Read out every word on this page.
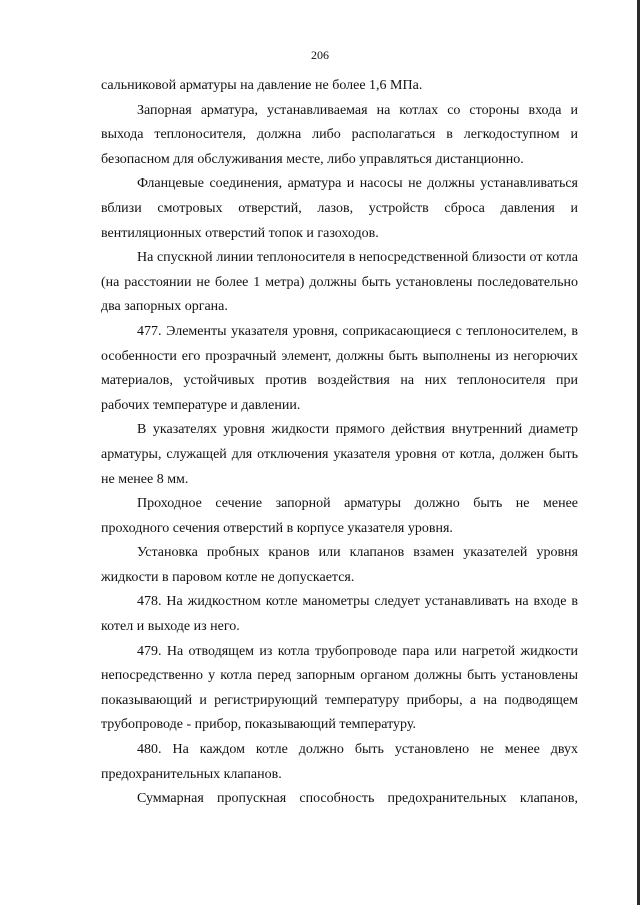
206

сальниковой арматуры на давление не более 1,6 МПа.

Запорная арматура, устанавливаемая на котлах со стороны входа и выхода теплоносителя, должна либо располагаться в легкодоступном и безопасном для обслуживания месте, либо управляться дистанционно.

Фланцевые соединения, арматура и насосы не должны устанавливаться вблизи смотровых отверстий, лазов, устройств сброса давления и вентиляционных отверстий топок и газоходов.

На спускной линии теплоносителя в непосредственной близости от котла (на расстоянии не более 1 метра) должны быть установлены последовательно два запорных органа.

477. Элементы указателя уровня, соприкасающиеся с теплоносителем, в особенности его прозрачный элемент, должны быть выполнены из негорючих материалов, устойчивых против воздействия на них теплоносителя при рабочих температуре и давлении.

В указателях уровня жидкости прямого действия внутренний диаметр арматуры, служащей для отключения указателя уровня от котла, должен быть не менее 8 мм.

Проходное сечение запорной арматуры должно быть не менее проходного сечения отверстий в корпусе указателя уровня.

Установка пробных кранов или клапанов взамен указателей уровня жидкости в паровом котле не допускается.

478. На жидкостном котле манометры следует устанавливать на входе в котел и выходе из него.

479. На отводящем из котла трубопроводе пара или нагретой жидкости непосредственно у котла перед запорным органом должны быть установлены показывающий и регистрирующий температуру приборы, а на подводящем трубопроводе - прибор, показывающий температуру.

480. На каждом котле должно быть установлено не менее двух предохранительных клапанов.

Суммарная пропускная способность предохранительных клапанов,
